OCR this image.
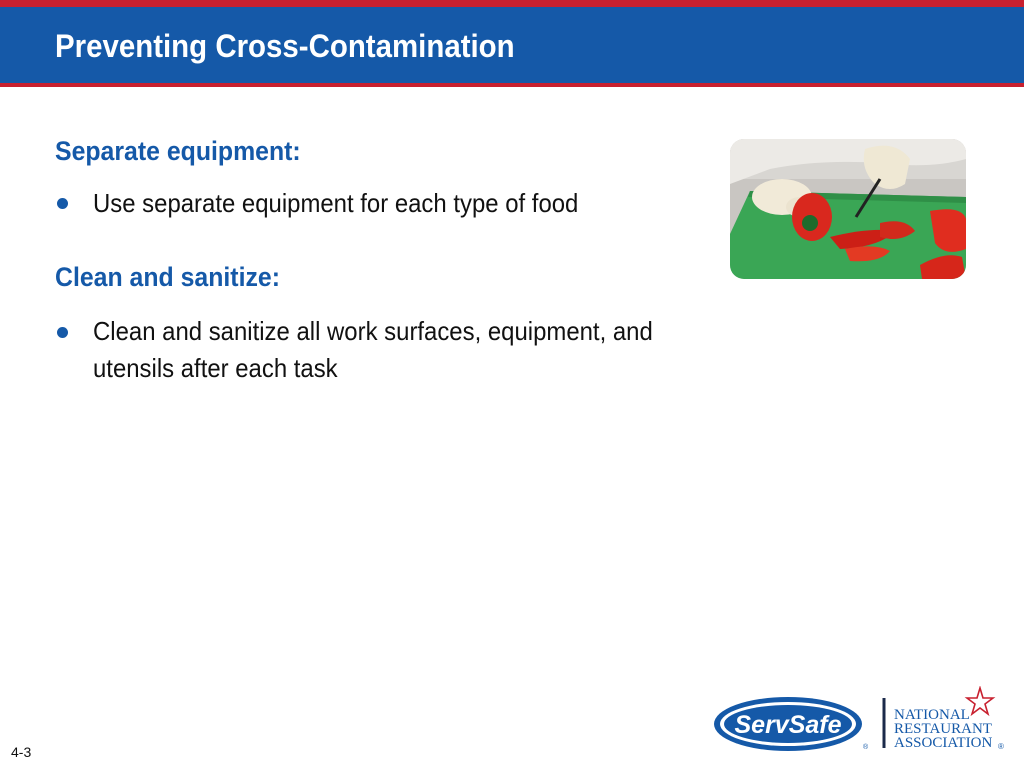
Preventing Cross-Contamination
Separate equipment:
Use separate equipment for each type of food
Clean and sanitize:
Clean and sanitize all work surfaces, equipment, and
utensils after each task
4-3
ServSafe
®
NATIONAL
RESTAURANT
ASSOCIATION ®
